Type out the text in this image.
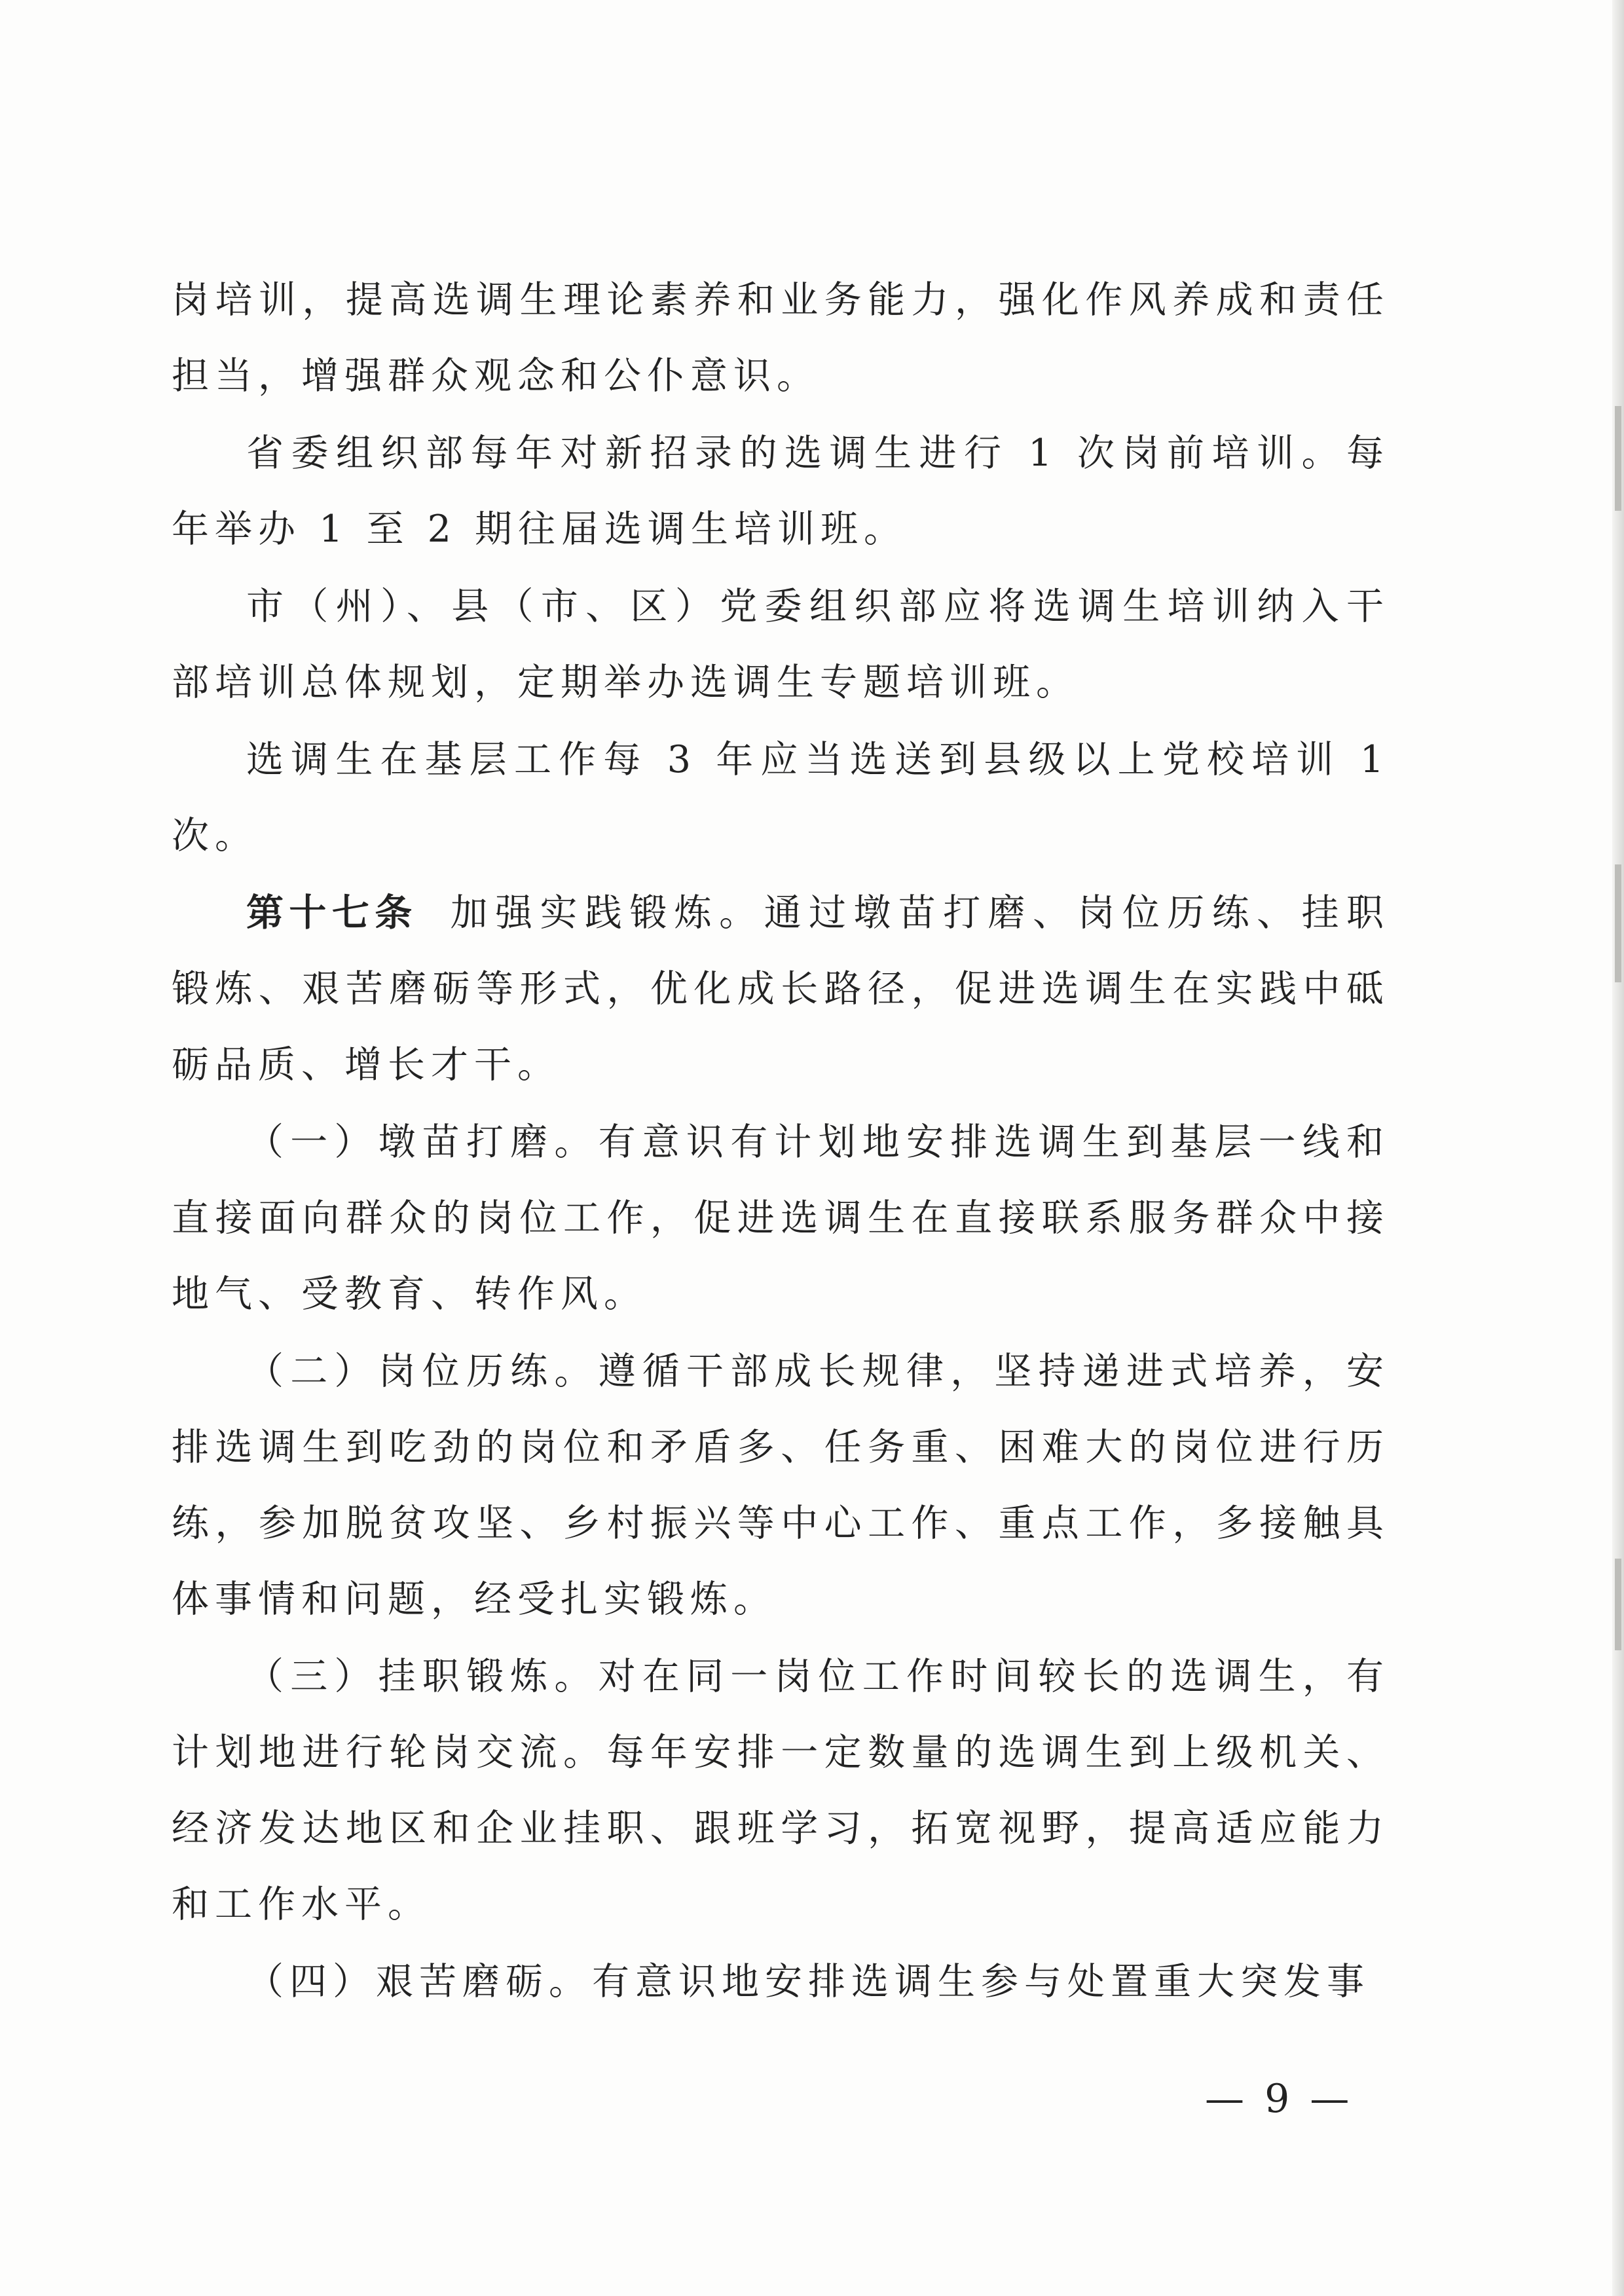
岗培训，提高选调生理论素养和业务能力，强化作风养成和责任担当，增强群众观念和公仆意识。

省委组织部每年对新招录的选调生进行 1 次岗前培训。每年举办 1 至 2 期往届选调生培训班。

市（州）、县（市、区）党委组织部应将选调生培训纳入干部培训总体规划，定期举办选调生专题培训班。

选调生在基层工作每 3 年应当选送到县级以上党校培训 1 次。

第十七条 加强实践锻炼。通过墩苗打磨、岗位历练、挂职锻炼、艰苦磨砺等形式，优化成长路径，促进选调生在实践中砥砺品质、增长才干。

（一）墩苗打磨。有意识有计划地安排选调生到基层一线和直接面向群众的岗位工作，促进选调生在直接联系服务群众中接地气、受教育、转作风。

（二）岗位历练。遵循干部成长规律，坚持递进式培养，安排选调生到吃劲的岗位和矛盾多、任务重、困难大的岗位进行历练，参加脱贫攻坚、乡村振兴等中心工作、重点工作，多接触具体事情和问题，经受扎实锻炼。

（三）挂职锻炼。对在同一岗位工作时间较长的选调生，有计划地进行轮岗交流。每年安排一定数量的选调生到上级机关、经济发达地区和企业挂职、跟班学习，拓宽视野，提高适应能力和工作水平。

（四）艰苦磨砺。有意识地安排选调生参与处置重大突发事

— 9 —
